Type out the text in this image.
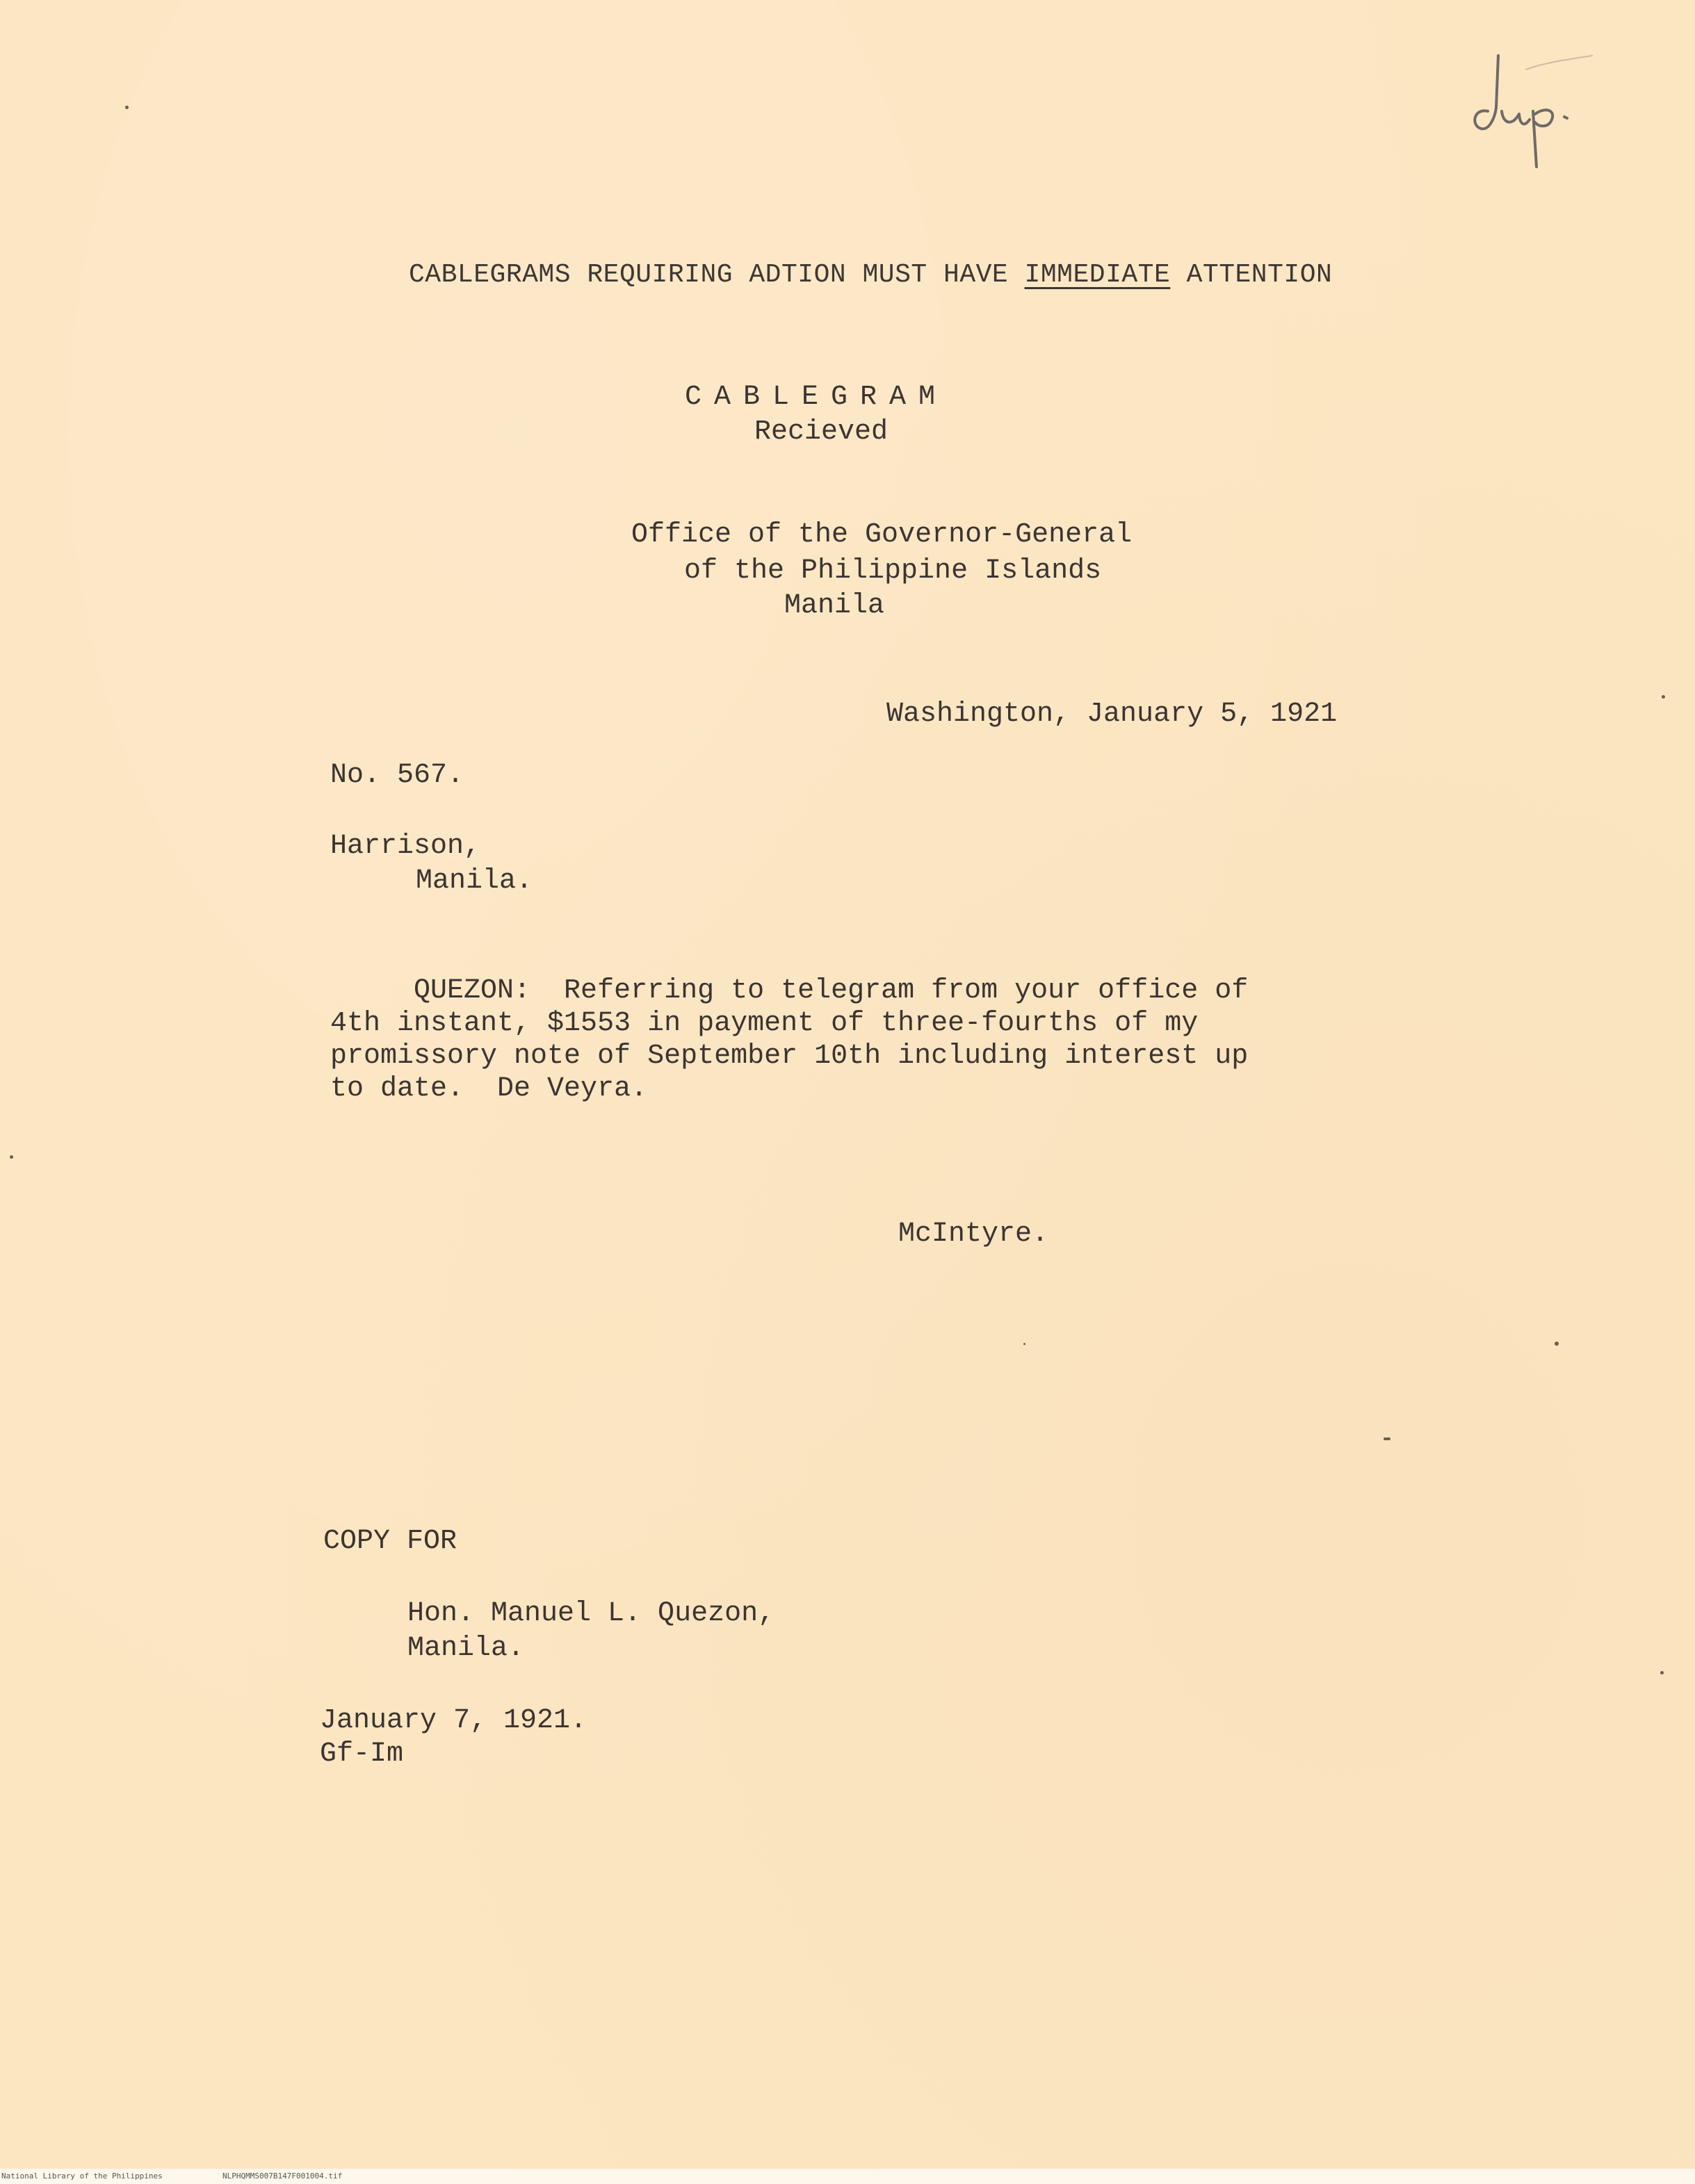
CABLEGRAMS REQUIRING ADTION MUST HAVE IMMEDIATE ATTENTION

CABLEGRAM

Recieved

Office of the Governor-General

of the Philippine Islands

Manila

Washington, January 5, 1921

No. 567.

Harrison,

Manila.

QUEZON:  Referring to telegram from your office of
4th instant, $1553 in payment of three-fourths of my
promissory note of September 10th including interest up
to date.  De Veyra.

McIntyre.

COPY FOR

Hon. Manuel L. Quezon,

Manila.

January 7, 1921.

Gf-Im

National Library of the Philippines	NLPHQMMS007B147F001004.tif
